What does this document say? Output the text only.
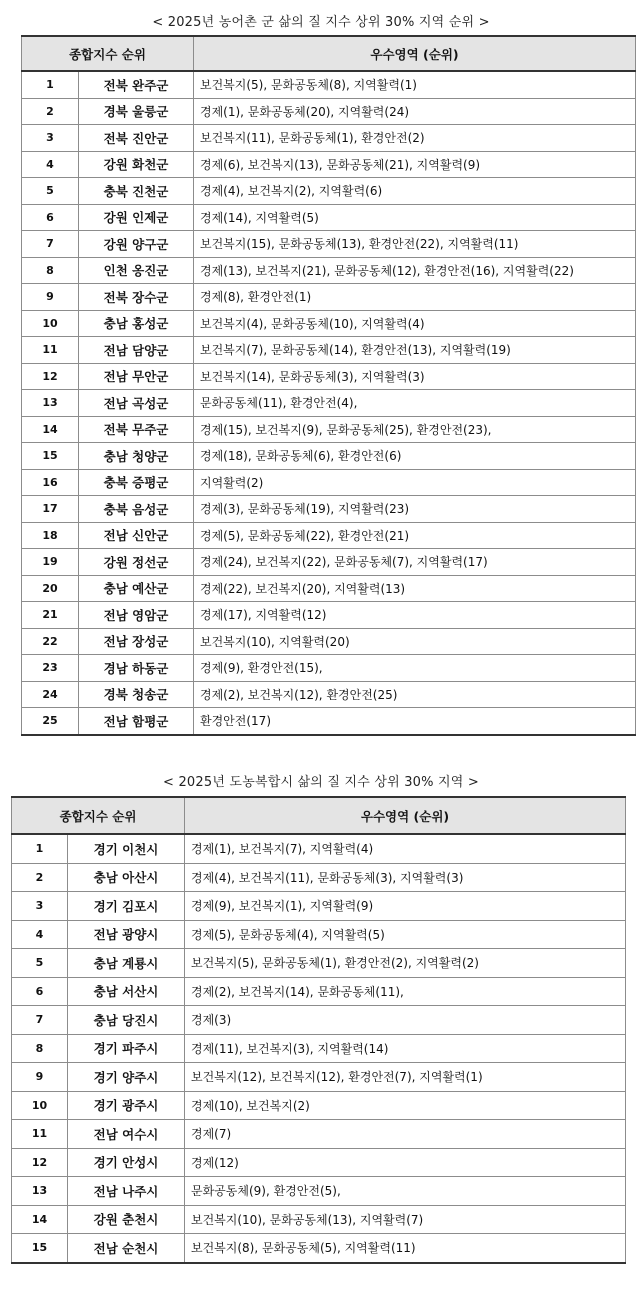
< 2025년 농어촌 군 삶의 질 지수 상위 30% 지역 순위 >
종합지수 순위		우수영역 (순위)
1	전북 완주군	보건복지(5), 문화공동체(8), 지역활력(1)
2	경북 울릉군	경제(1), 문화공동체(20), 지역활력(24)
3	전북 진안군	보건복지(11), 문화공동체(1), 환경안전(2)
4	강원 화천군	경제(6), 보건복지(13), 문화공동체(21), 지역활력(9)
5	충북 진천군	경제(4), 보건복지(2), 지역활력(6)
6	강원 인제군	경제(14), 지역활력(5)
7	강원 양구군	보건복지(15), 문화공동체(13), 환경안전(22), 지역활력(11)
8	인천 옹진군	경제(13), 보건복지(21), 문화공동체(12), 환경안전(16), 지역활력(22)
9	전북 장수군	경제(8), 환경안전(1)
10	충남 홍성군	보건복지(4), 문화공동체(10), 지역활력(4)
11	전남 담양군	보건복지(7), 문화공동체(14), 환경안전(13), 지역활력(19)
12	전남 무안군	보건복지(14), 문화공동체(3), 지역활력(3)
13	전남 곡성군	문화공동체(11), 환경안전(4),
14	전북 무주군	경제(15), 보건복지(9), 문화공동체(25), 환경안전(23),
15	충남 청양군	경제(18), 문화공동체(6), 환경안전(6)
16	충북 증평군	지역활력(2)
17	충북 음성군	경제(3), 문화공동체(19), 지역활력(23)
18	전남 신안군	경제(5), 문화공동체(22), 환경안전(21)
19	강원 정선군	경제(24), 보건복지(22), 문화공동체(7), 지역활력(17)
20	충남 예산군	경제(22), 보건복지(20), 지역활력(13)
21	전남 영암군	경제(17), 지역활력(12)
22	전남 장성군	보건복지(10), 지역활력(20)
23	경남 하동군	경제(9), 환경안전(15),
24	경북 청송군	경제(2), 보건복지(12), 환경안전(25)
25	전남 함평군	환경안전(17)
< 2025년 도농복합시 삶의 질 지수 상위 30% 지역 >
종합지수 순위		우수영역 (순위)
1	경기 이천시	경제(1), 보건복지(7), 지역활력(4)
2	충남 아산시	경제(4), 보건복지(11), 문화공동체(3), 지역활력(3)
3	경기 김포시	경제(9), 보건복지(1), 지역활력(9)
4	전남 광양시	경제(5), 문화공동체(4), 지역활력(5)
5	충남 계룡시	보건복지(5), 문화공동체(1), 환경안전(2), 지역활력(2)
6	충남 서산시	경제(2), 보건복지(14), 문화공동체(11),
7	충남 당진시	경제(3)
8	경기 파주시	경제(11), 보건복지(3), 지역활력(14)
9	경기 양주시	보건복지(12), 보건복지(12), 환경안전(7), 지역활력(1)
10	경기 광주시	경제(10), 보건복지(2)
11	전남 여수시	경제(7)
12	경기 안성시	경제(12)
13	전남 나주시	문화공동체(9), 환경안전(5),
14	강원 춘천시	보건복지(10), 문화공동체(13), 지역활력(7)
15	전남 순천시	보건복지(8), 문화공동체(5), 지역활력(11)
